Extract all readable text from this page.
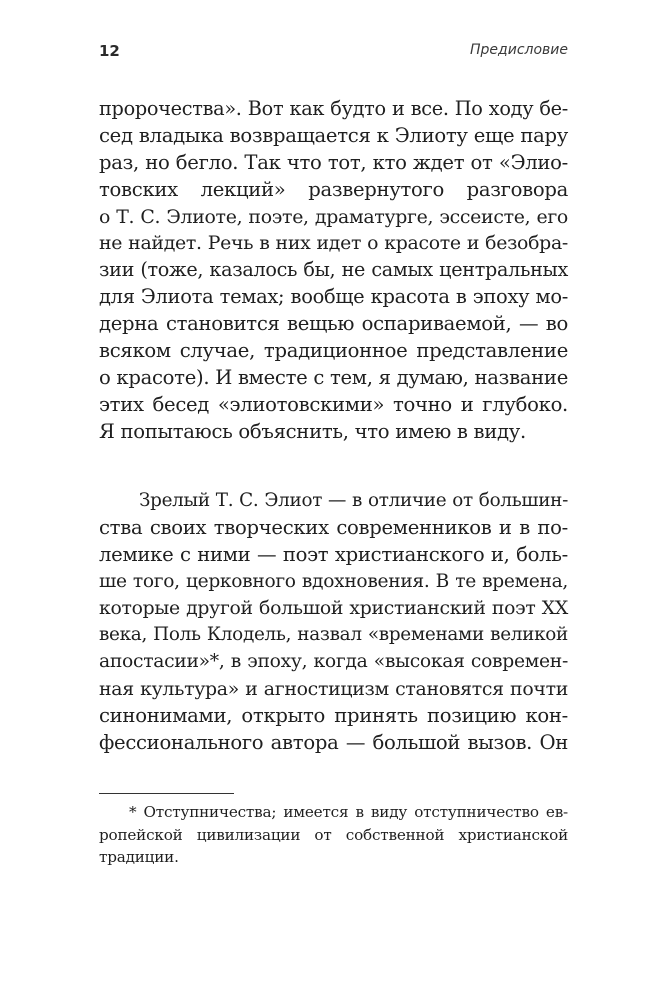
12	Предисловие
пророчества». Вот как будто и все. По ходу бе-
сед владыка возвращается к Элиоту еще пару
раз, но бегло. Так что тот, кто ждет от «Элио-
товских лекций» развернутого разговора
о Т. С. Элиоте, поэте, драматурге, эссеисте, его
не найдет. Речь в них идет о красоте и безобра-
зии (тоже, казалось бы, не самых центральных
для Элиота темах; вообще красота в эпоху мо-
дерна становится вещью оспариваемой, — во
всяком случае, традиционное представление
о красоте). И вместе с тем, я думаю, название
этих бесед «элиотовскими» точно и глубоко.
Я попытаюсь объяснить, что имею в виду.
Зрелый Т. С. Элиот — в отличие от большин-
ства своих творческих современников и в по-
лемике с ними — поэт христианского и, боль-
ше того, церковного вдохновения. В те времена,
которые другой большой христианский поэт XX
века, Поль Клодель, назвал «временами великой
апостасии»*, в эпоху, когда «высокая современ-
ная культура» и агностицизм становятся почти
синонимами, открыто принять позицию кон-
фессионального автора — большой вызов. Он
* Отступничества; имеется в виду отступничество ев-
ропейской цивилизации от собственной христианской
традиции.
